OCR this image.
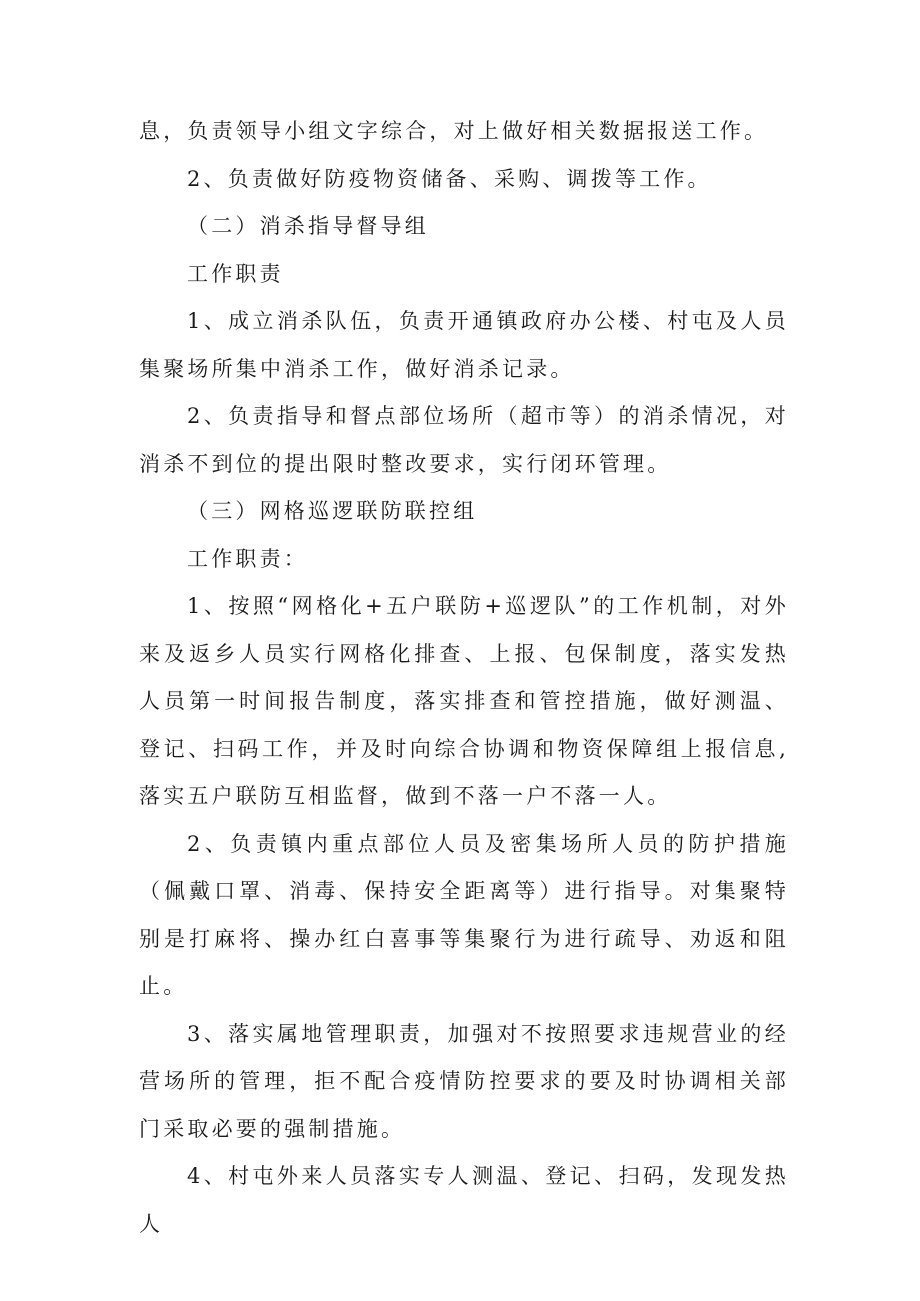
息，负责领导小组文字综合，对上做好相关数据报送工作。

2、负责做好防疫物资储备、采购、调拨等工作。

（二）消杀指导督导组

工作职责

1、成立消杀队伍，负责开通镇政府办公楼、村屯及人员集聚场所集中消杀工作，做好消杀记录。

2、负责指导和督点部位场所（超市等）的消杀情况，对消杀不到位的提出限时整改要求，实行闭环管理。

（三）网格巡逻联防联控组

工作职责：

1、按照“网格化+五户联防+巡逻队”的工作机制，对外来及返乡人员实行网格化排查、上报、包保制度，落实发热人员第一时间报告制度，落实排查和管控措施，做好测温、登记、扫码工作，并及时向综合协调和物资保障组上报信息,落实五户联防互相监督，做到不落一户不落一人。

2、负责镇内重点部位人员及密集场所人员的防护措施（佩戴口罩、消毒、保持安全距离等）进行指导。对集聚特别是打麻将、操办红白喜事等集聚行为进行疏导、劝返和阻止。

3、落实属地管理职责，加强对不按照要求违规营业的经营场所的管理，拒不配合疫情防控要求的要及时协调相关部门采取必要的强制措施。

4、村屯外来人员落实专人测温、登记、扫码，发现发热人
